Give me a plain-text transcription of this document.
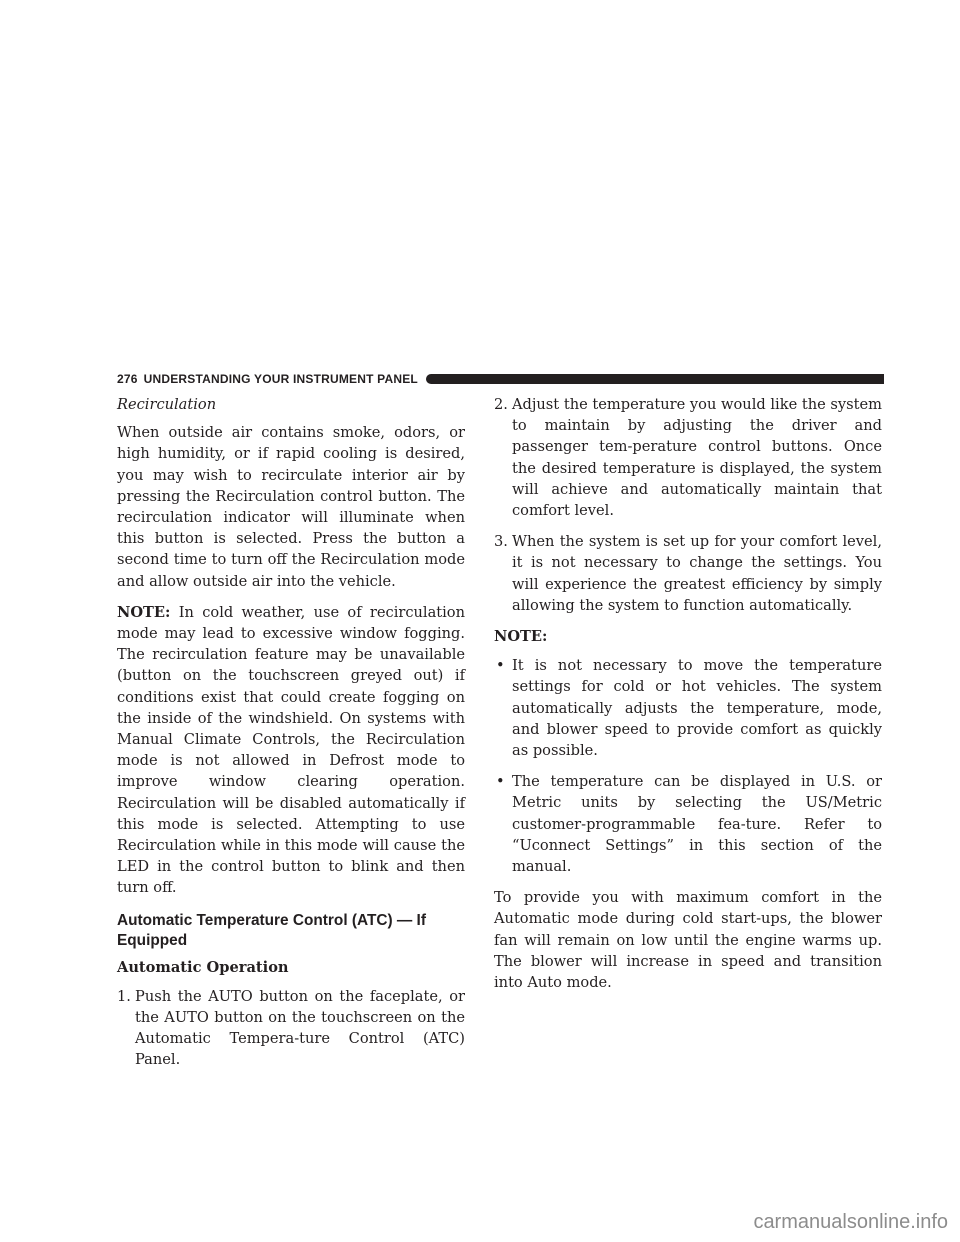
276 UNDERSTANDING YOUR INSTRUMENT PANEL

Recirculation

When outside air contains smoke, odors, or high humidity, or if rapid cooling is desired, you may wish to recirculate interior air by pressing the Recirculation control button. The recirculation indicator will illuminate when this button is selected. Press the button a second time to turn off the Recirculation mode and allow outside air into the vehicle.

NOTE: In cold weather, use of recirculation mode may lead to excessive window fogging. The recirculation feature may be unavailable (button on the touchscreen greyed out) if conditions exist that could create fogging on the inside of the windshield. On systems with Manual Climate Controls, the Recirculation mode is not allowed in Defrost mode to improve window clearing operation. Recirculation will be disabled automatically if this mode is selected. Attempting to use Recirculation while in this mode will cause the LED in the control button to blink and then turn off.

Automatic Temperature Control (ATC) — If Equipped

Automatic Operation

1. Push the AUTO button on the faceplate, or the AUTO button on the touchscreen on the Automatic Tempera-ture Control (ATC) Panel.
2. Adjust the temperature you would like the system to maintain by adjusting the driver and passenger tem-perature control buttons. Once the desired temperature is displayed, the system will achieve and automatically maintain that comfort level.
3. When the system is set up for your comfort level, it is not necessary to change the settings. You will experience the greatest efficiency by simply allowing the system to function automatically.
NOTE:
• It is not necessary to move the temperature settings for cold or hot vehicles. The system automatically adjusts the temperature, mode, and blower speed to provide comfort as quickly as possible.
• The temperature can be displayed in U.S. or Metric units by selecting the US/Metric customer-programmable fea-ture. Refer to “Uconnect Settings” in this section of the manual.

To provide you with maximum comfort in the Automatic mode during cold start-ups, the blower fan will remain on low until the engine warms up. The blower will increase in speed and transition into Auto mode.

carmanualsonline.info
